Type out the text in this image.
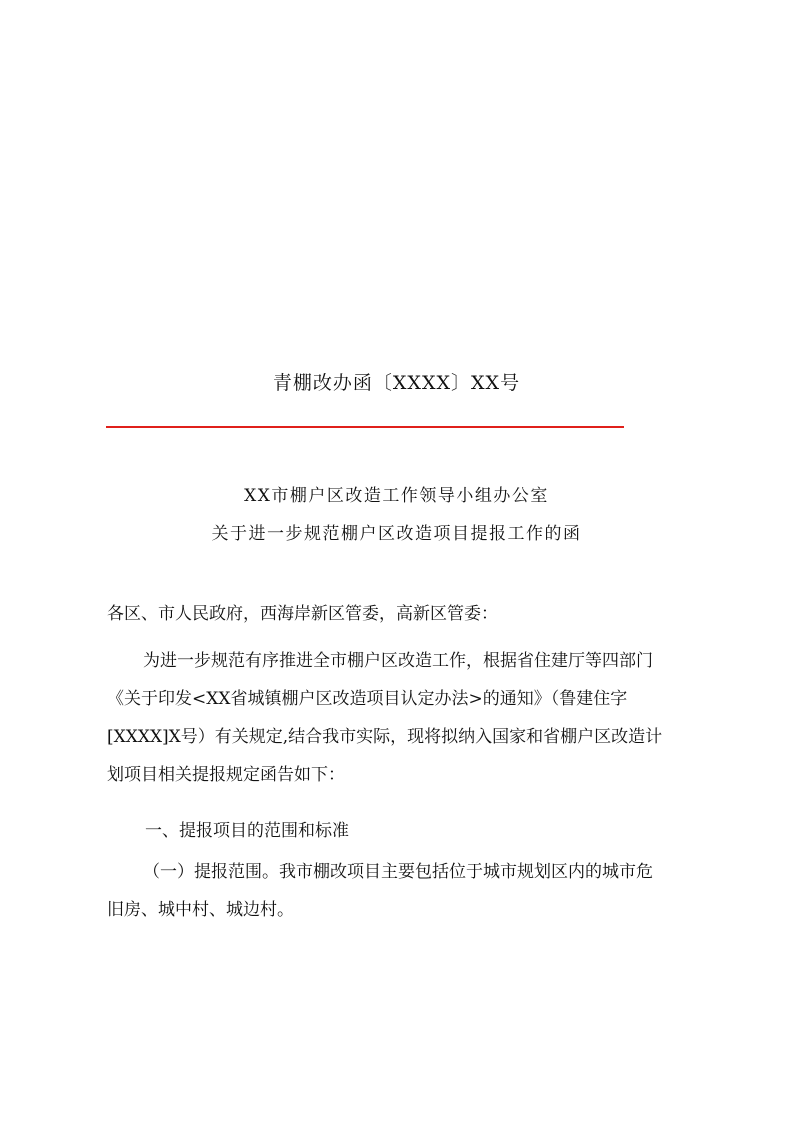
青棚改办函〔XXXX〕XX号
XX市棚户区改造工作领导小组办公室
关于进一步规范棚户区改造项目提报工作的函
各区、市人民政府，西海岸新区管委，高新区管委：
为进一步规范有序推进全市棚户区改造工作，根据省住建厅等四部门
《关于印发<XX省城镇棚户区改造项目认定办法>的通知》（鲁建住字
[XXXX]X号）有关规定,结合我市实际，现将拟纳入国家和省棚户区改造计
划项目相关提报规定函告如下：
一、提报项目的范围和标准
（一）提报范围。我市棚改项目主要包括位于城市规划区内的城市危
旧房、城中村、城边村。
